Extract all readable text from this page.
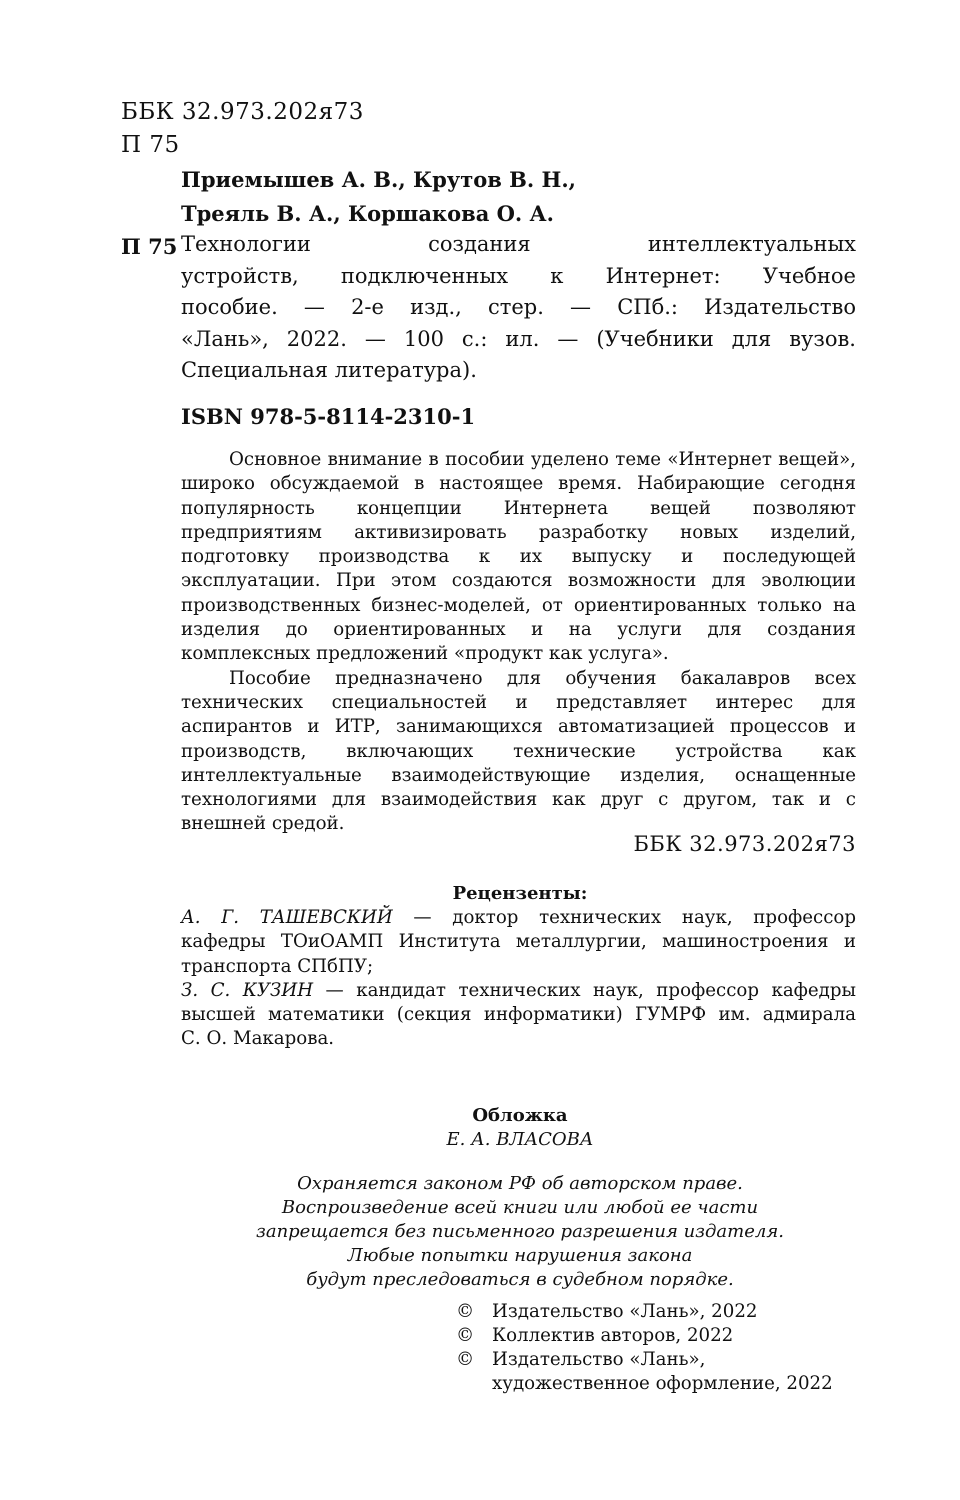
ББК 32.973.202я73
П 75
Приемышев А. В., Крутов В. Н.,
Трeяль В. А., Коршакова О. А.
П 75 Технологии создания интеллектуальных
устройств, подключенных к Интернет: Учебное
пособие. — 2-е изд., стер. — СПб.: Издательство
«Лань», 2022. — 100 с.: ил. — (Учебники для вузов.
Специальная литература).
ISBN 978-5-8114-2310-1
Основное внимание в пособии уделено теме «Интернет вещей»,
широко обсуждаемой в настоящее время. Набирающие сегодня
популярность концепции Интернета вещей позволяют
предприятиям активизировать разработку новых изделий,
подготовку производства к их выпуску и последующей
эксплуатации. При этом создаются возможности для эволюции
производственных бизнес-моделей, от ориентированных только на
изделия до ориентированных и на услуги для создания
комплексных предложений «продукт как услуга».
Пособие предназначено для обучения бакалавров всех
технических специальностей и представляет интерес для
аспирантов и ИТР, занимающихся автоматизацией процессов и
производств, включающих технические устройства как
интеллектуальные взаимодействующие изделия, оснащенные
технологиями для взаимодействия как друг с другом, так и с
внешней средой.
ББК 32.973.202я73
Рецензенты:
А. Г. ТАШЕВСКИЙ — доктор технических наук, профессор
кафедры ТОиОАМП Института металлургии, машиностроения и
транспорта СПбПУ;
З. С. КУЗИН — кандидат технических наук, профессор кафедры
высшей математики (секция информатики) ГУМРФ им. адмирала
С. О. Макарова.
Обложка
Е. А. ВЛАСОВА
Охраняется законом РФ об авторском праве.
Воспроизведение всей книги или любой ее части
запрещается без письменного разрешения издателя.
Любые попытки нарушения закона
будут преследоваться в судебном порядке.
© Издательство «Лань», 2022
© Коллектив авторов, 2022
© Издательство «Лань»,
художественное оформление, 2022
